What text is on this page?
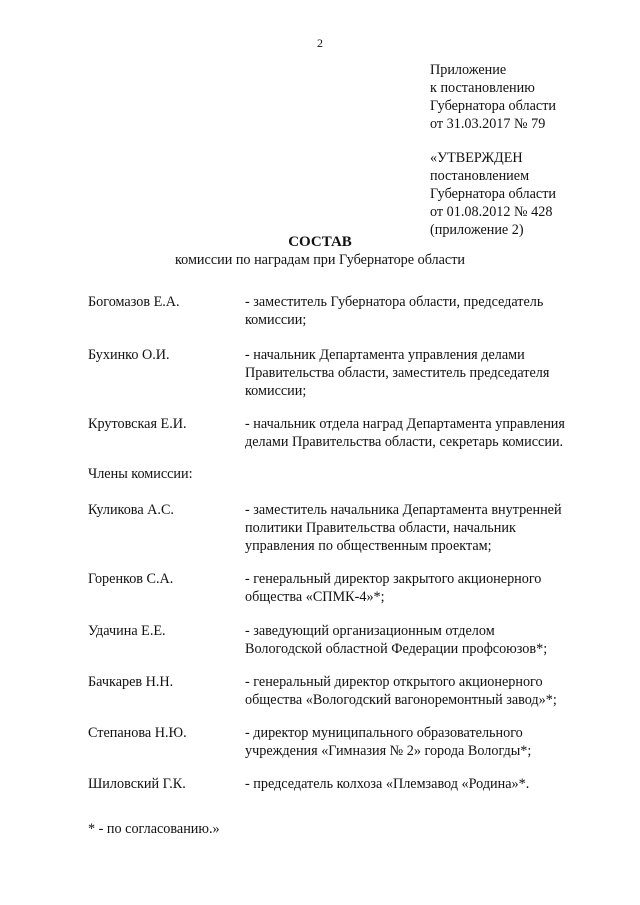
2
Приложение
к постановлению
Губернатора области
от 31.03.2017 № 79
«УТВЕРЖДЕН
постановлением
Губернатора области
от 01.08.2012 № 428
(приложение 2)
СОСТАВ
комиссии по наградам при Губернаторе области
Богомазов Е.А.	- заместитель Губернатора области, председатель
комиссии;
Бухинко О.И.	- начальник Департамента управления делами
Правительства области, заместитель председателя
комиссии;
Крутовская Е.И.	- начальник отдела наград Департамента управления
делами Правительства области, секретарь комиссии.
Члены комиссии:
Куликова А.С.	- заместитель начальника Департамента внутренней
политики Правительства области, начальник
управления по общественным проектам;
Горенков С.А.	- генеральный директор закрытого акционерного
общества «СПМК-4»*;
Удачина Е.Е.	- заведующий организационным отделом
Вологодской областной Федерации профсоюзов*;
Бачкарев Н.Н.	- генеральный директор открытого акционерного
общества «Вологодский вагоноремонтный завод»*;
Степанова Н.Ю.	- директор муниципального образовательного
учреждения «Гимназия № 2» города Вологды*;
Шиловский Г.К.	- председатель колхоза «Племзавод «Родина»*.
* - по согласованию.»
